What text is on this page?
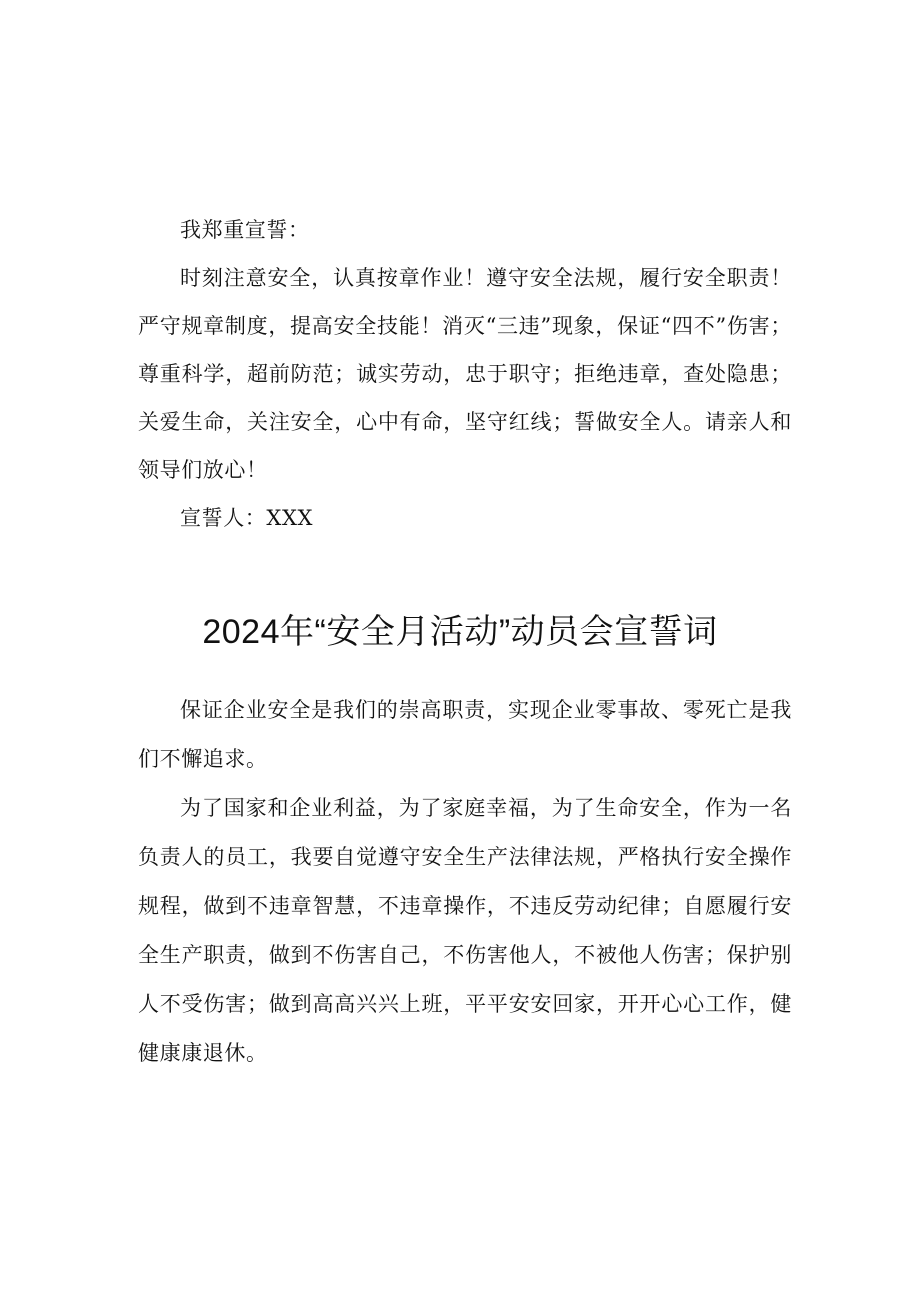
我郑重宣誓：

时刻注意安全，认真按章作业！遵守安全法规，履行安全职责！严守规章制度，提高安全技能！消灭“三违”现象，保证“四不”伤害；尊重科学，超前防范；诚实劳动，忠于职守；拒绝违章，查处隐患；关爱生命，关注安全，心中有命，坚守红线；誓做安全人。请亲人和领导们放心！

宣誓人：XXX

2024年“安全月活动”动员会宣誓词

保证企业安全是我们的崇高职责，实现企业零事故、零死亡是我们不懈追求。

为了国家和企业利益，为了家庭幸福，为了生命安全，作为一名负责人的员工，我要自觉遵守安全生产法律法规，严格执行安全操作规程，做到不违章智慧，不违章操作，不违反劳动纪律；自愿履行安全生产职责，做到不伤害自己，不伤害他人，不被他人伤害；保护别人不受伤害；做到高高兴兴上班，平平安安回家，开开心心工作，健健康康退休。
